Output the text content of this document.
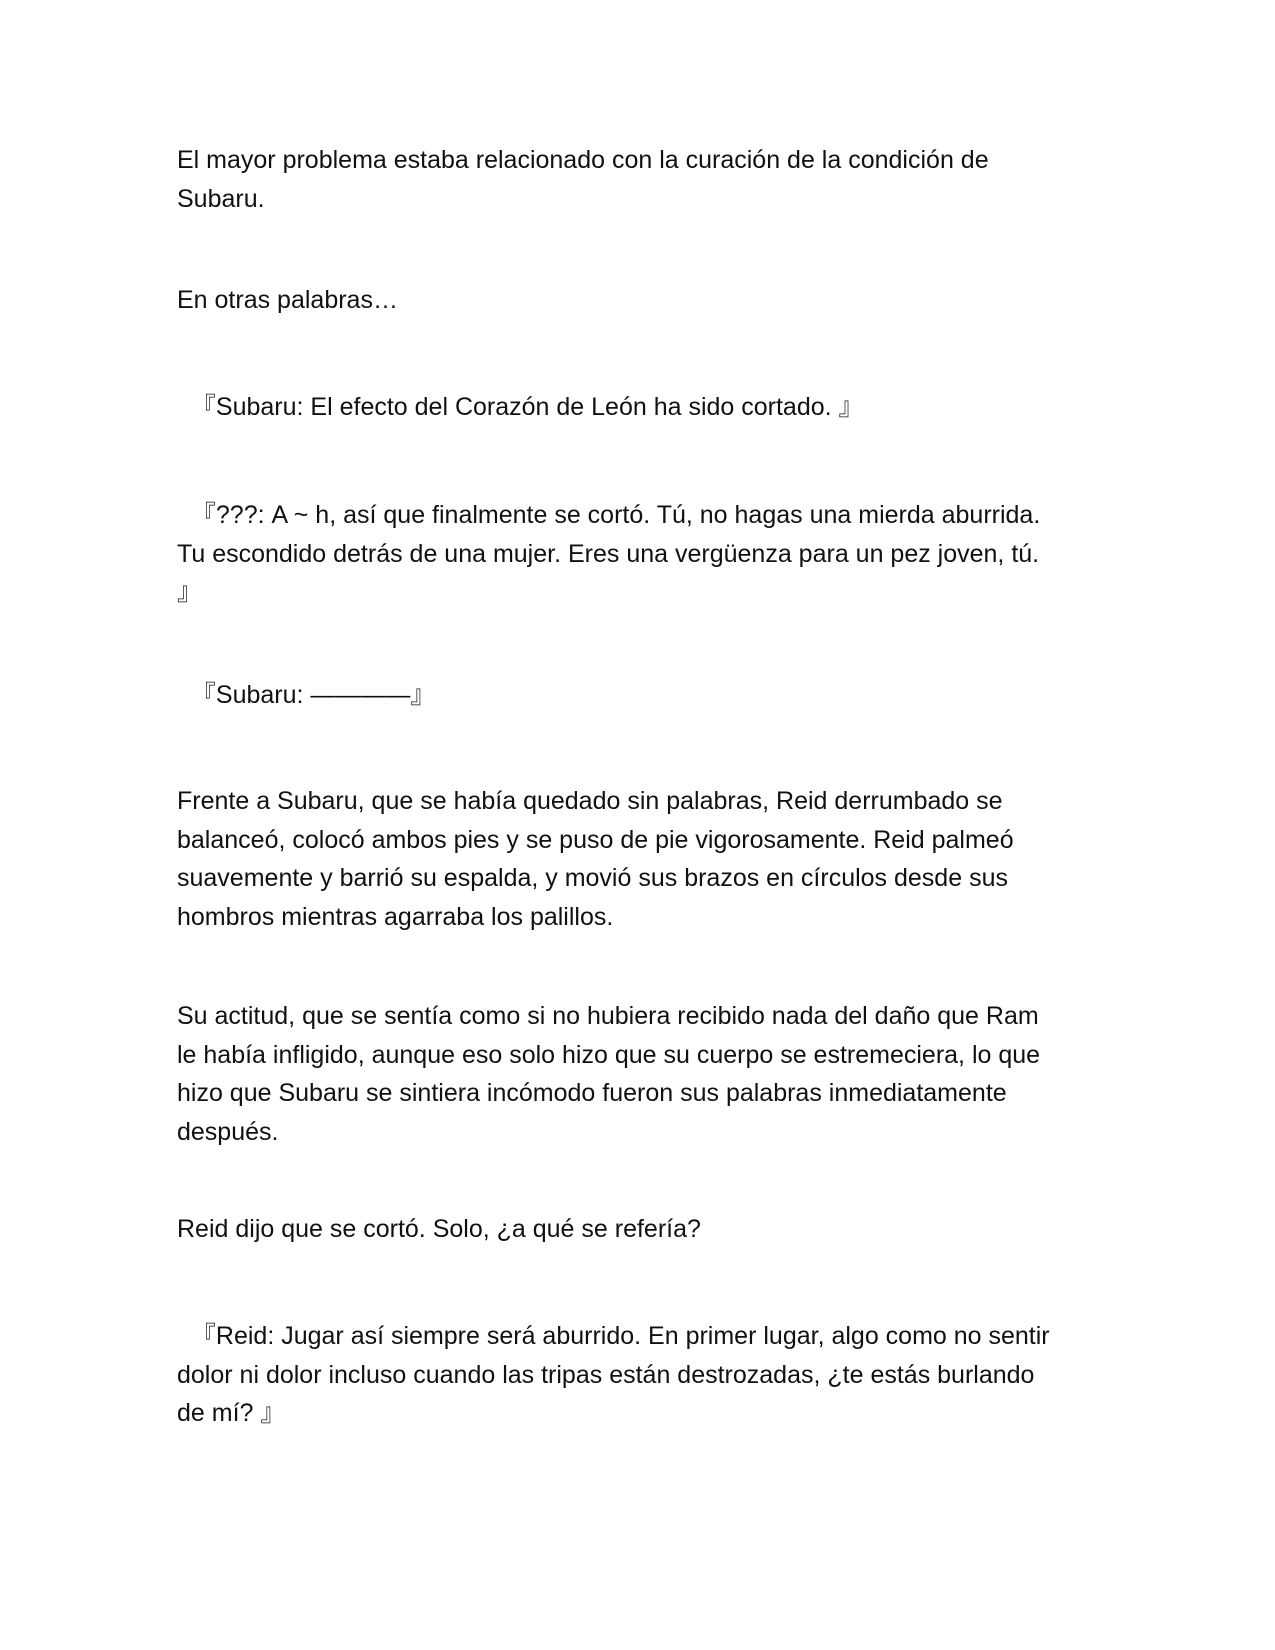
El mayor problema estaba relacionado con la curación de la condición de
Subaru.

En otras palabras…

『Subaru: El efecto del Corazón de León ha sido cortado. 』

『???: A ~ h, así que finalmente se cortó. Tú, no hagas una mierda aburrida.
Tu escondido detrás de una mujer. Eres una vergüenza para un pez joven, tú.
』

『Subaru: ————』

Frente a Subaru, que se había quedado sin palabras, Reid derrumbado se
balanceó, colocó ambos pies y se puso de pie vigorosamente. Reid palmeó
suavemente y barrió su espalda, y movió sus brazos en círculos desde sus
hombros mientras agarraba los palillos.

Su actitud, que se sentía como si no hubiera recibido nada del daño que Ram
le había infligido, aunque eso solo hizo que su cuerpo se estremeciera, lo que
hizo que Subaru se sintiera incómodo fueron sus palabras inmediatamente
después.

Reid dijo que se cortó. Solo, ¿a qué se refería?

『Reid: Jugar así siempre será aburrido. En primer lugar, algo como no sentir
dolor ni dolor incluso cuando las tripas están destrozadas, ¿te estás burlando
de mí? 』
